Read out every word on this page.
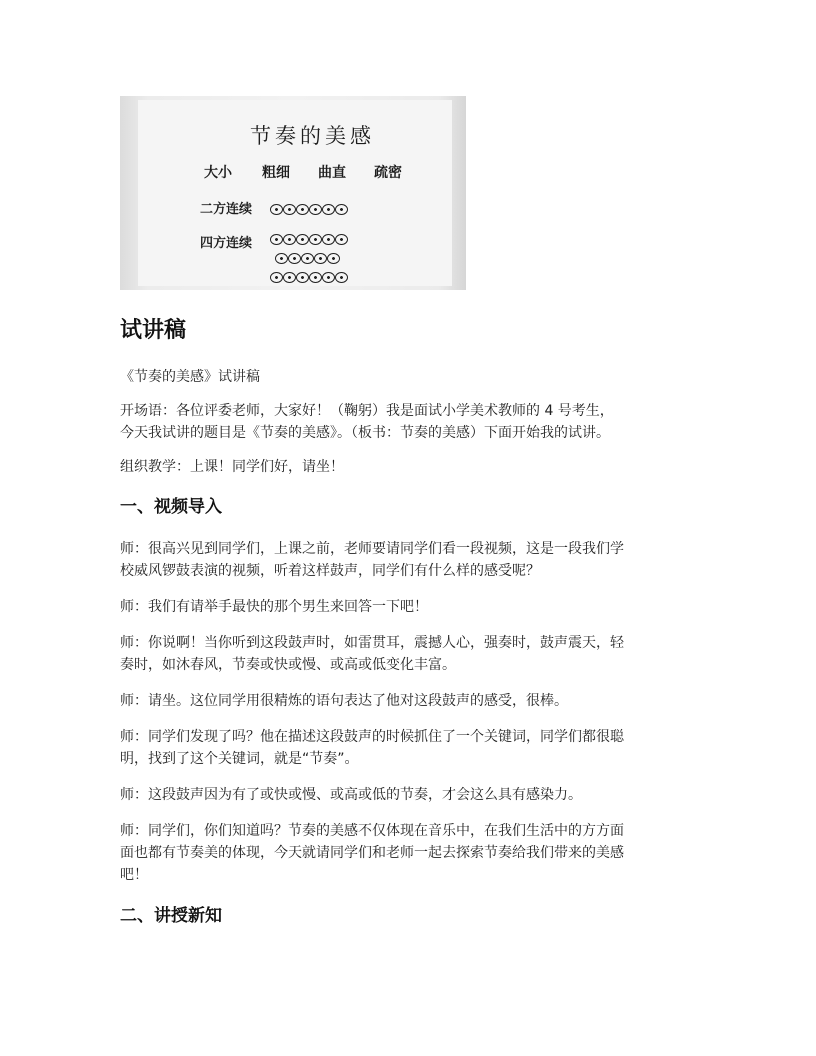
节奏的美感
大小 粗细 曲直 疏密
二方连续
四方连续
试讲稿

《节奏的美感》试讲稿

开场语：各位评委老师，大家好！（鞠躬）我是面试小学美术教师的 4 号考生，
今天我试讲的题目是《节奏的美感》。（板书：节奏的美感）下面开始我的试讲。

组织教学：上课！同学们好，请坐！

一、视频导入

师：很高兴见到同学们，上课之前，老师要请同学们看一段视频，这是一段我们学
校威风锣鼓表演的视频，听着这样鼓声，同学们有什么样的感受呢？

师：我们有请举手最快的那个男生来回答一下吧！

师：你说啊！当你听到这段鼓声时，如雷贯耳，震撼人心，强奏时，鼓声震天，轻
奏时，如沐春风，节奏或快或慢、或高或低变化丰富。

师：请坐。这位同学用很精炼的语句表达了他对这段鼓声的感受，很棒。

师：同学们发现了吗？他在描述这段鼓声的时候抓住了一个关键词，同学们都很聪
明，找到了这个关键词，就是“节奏”。

师：这段鼓声因为有了或快或慢、或高或低的节奏，才会这么具有感染力。

师：同学们，你们知道吗？节奏的美感不仅体现在音乐中，在我们生活中的方方面
面也都有节奏美的体现，今天就请同学们和老师一起去探索节奏给我们带来的美感
吧！

二、讲授新知
